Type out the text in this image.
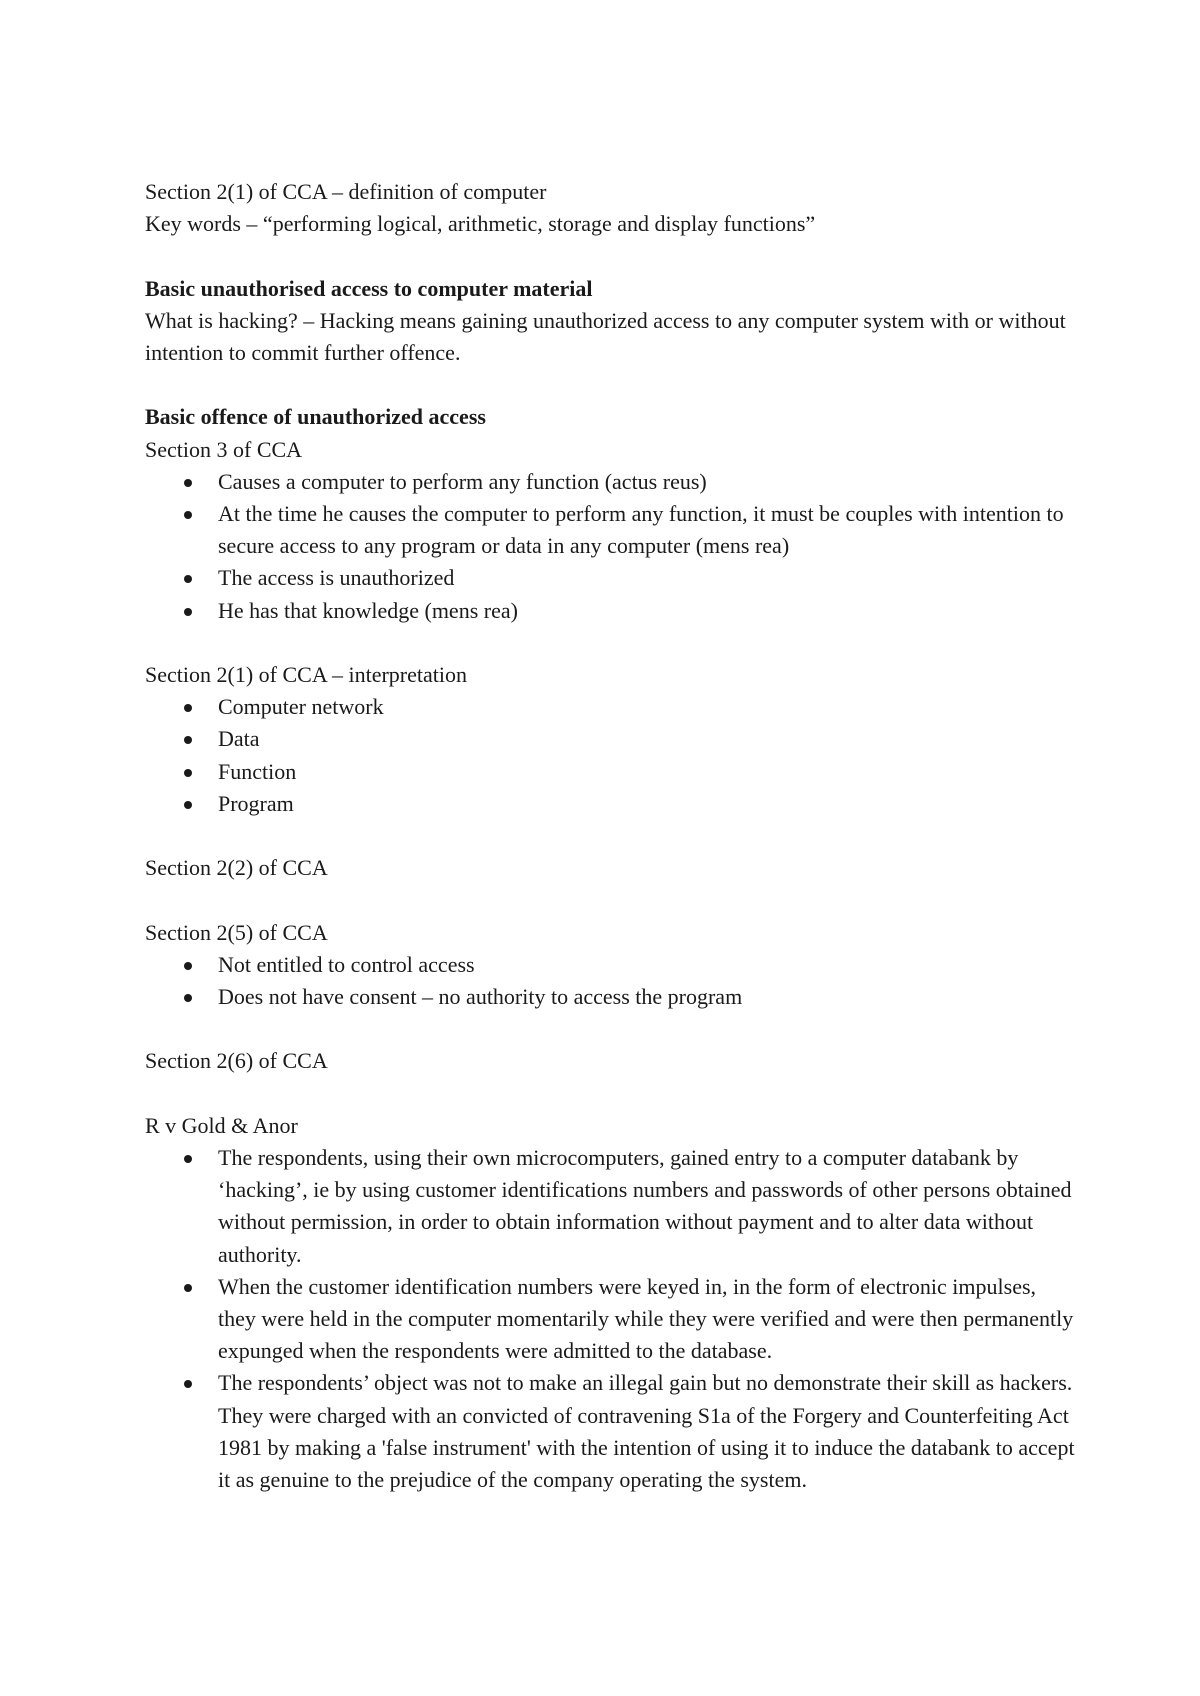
Section 2(1) of CCA – definition of computer
Key words – “performing logical, arithmetic, storage and display functions”
Basic unauthorised access to computer material
What is hacking? – Hacking means gaining unauthorized access to any computer system with or without intention to commit further offence.
Basic offence of unauthorized access
Section 3 of CCA
Causes a computer to perform any function (actus reus)
At the time he causes the computer to perform any function, it must be couples with intention to secure access to any program or data in any computer (mens rea)
The access is unauthorized
He has that knowledge (mens rea)
Section 2(1) of CCA – interpretation
Computer network
Data
Function
Program
Section 2(2) of CCA
Section 2(5) of CCA
Not entitled to control access
Does not have consent – no authority to access the program
Section 2(6) of CCA
R v Gold & Anor
The respondents, using their own microcomputers, gained entry to a computer databank by ‘hacking’, ie by using customer identifications numbers and passwords of other persons obtained without permission, in order to obtain information without payment and to alter data without authority.
When the customer identification numbers were keyed in, in the form of electronic impulses, they were held in the computer momentarily while they were verified and were then permanently expunged when the respondents were admitted to the database.
The respondents’ object was not to make an illegal gain but no demonstrate their skill as hackers. They were charged with an convicted of contravening S1a of the Forgery and Counterfeiting Act 1981 by making a 'false instrument' with the intention of using it to induce the databank to accept it as genuine to the prejudice of the company operating the system.
